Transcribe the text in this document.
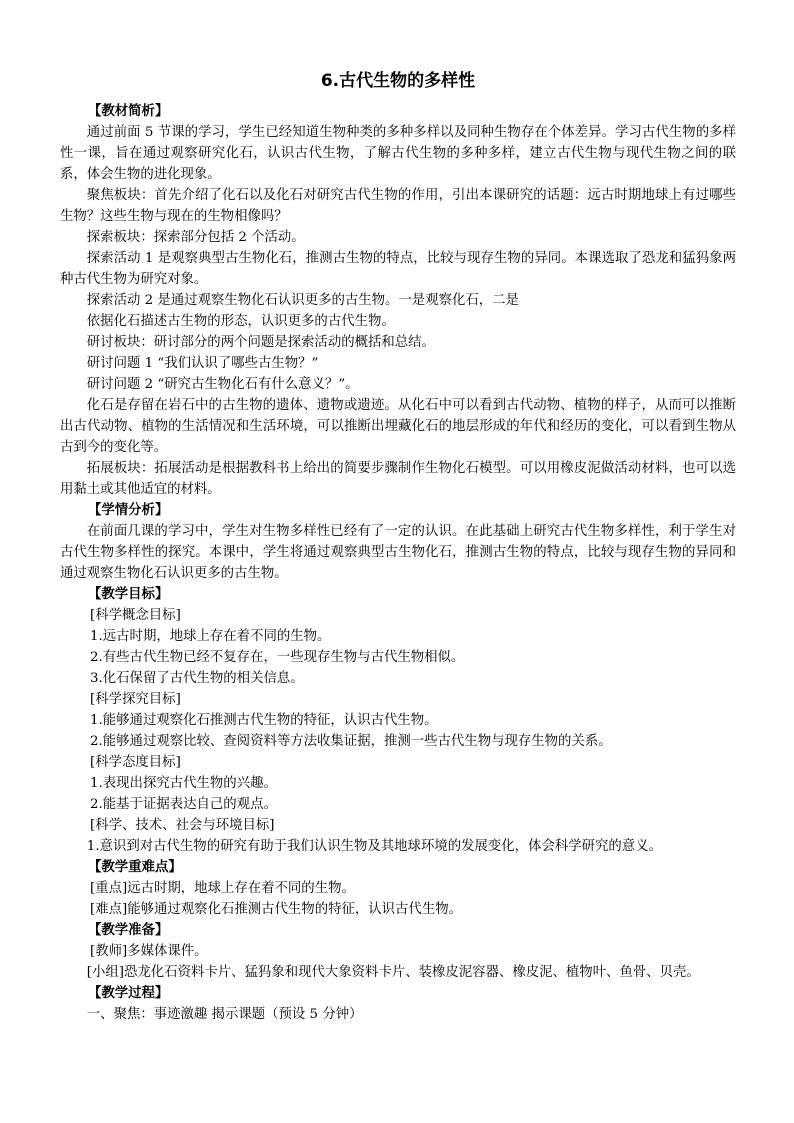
6.古代生物的多样性

【教材简析】

通过前面 5 节课的学习，学生已经知道生物种类的多种多样以及同种生物存在个体差异。学习古代生物的多样性一课，旨在通过观察研究化石，认识古代生物，了解古代生物的多种多样，建立古代生物与现代生物之间的联系，体会生物的进化现象。

聚焦板块：首先介绍了化石以及化石对研究古代生物的作用，引出本课研究的话题：远古时期地球上有过哪些生物？这些生物与现在的生物相像吗？

探索板块：探索部分包括 2 个活动。

探索活动 1 是观察典型古生物化石，推测古生物的特点，比较与现存生物的异同。本课选取了恐龙和猛犸象两种古代生物为研究对象。

探索活动 2 是通过观察生物化石认识更多的古生物。一是观察化石，二是

依据化石描述古生物的形态，认识更多的古代生物。

研讨板块：研讨部分的两个问题是探索活动的概括和总结。

研讨问题 1 “我们认识了哪些古生物？”

研讨问题 2 “研究古生物化石有什么意义？”。

化石是存留在岩石中的古生物的遗体、遗物或遗迹。从化石中可以看到古代动物、植物的样子，从而可以推断出古代动物、植物的生活情况和生活环境，可以推断出埋藏化石的地层形成的年代和经历的变化，可以看到生物从古到今的变化等。

拓展板块：拓展活动是根据教科书上给出的简要步骤制作生物化石模型。可以用橡皮泥做活动材料，也可以选用黏土或其他适宜的材料。

【学情分析】

在前面几课的学习中，学生对生物多样性已经有了一定的认识。在此基础上研究古代生物多样性，利于学生对古代生物多样性的探究。本课中，学生将通过观察典型古生物化石，推测古生物的特点，比较与现存生物的异同和通过观察生物化石认识更多的古生物。

【教学目标】

[科学概念目标]

1.远古时期，地球上存在着不同的生物。

2.有些古代生物已经不复存在，一些现存生物与古代生物相似。

3.化石保留了古代生物的相关信息。

[科学探究目标]

1.能够通过观察化石推测古代生物的特征，认识古代生物。

2.能够通过观察比较、查阅资料等方法收集证据，推测一些古代生物与现存生物的关系。

[科学态度目标]

1.表现出探究古代生物的兴趣。

2.能基于证据表达自己的观点。

[科学、技术、社会与环境目标]

1.意识到对古代生物的研究有助于我们认识生物及其地球环境的发展变化，体会科学研究的意义。

【教学重难点】

[重点]远古时期，地球上存在着不同的生物。

[难点]能够通过观察化石推测古代生物的特征，认识古代生物。

【教学准备】

[教师]多媒体课件。

[小组]恐龙化石资料卡片、猛犸象和现代大象资料卡片、装橡皮泥容器、橡皮泥、植物叶、鱼骨、贝壳。

【教学过程】

一、聚焦：事迹激趣 揭示课题（预设 5 分钟）
